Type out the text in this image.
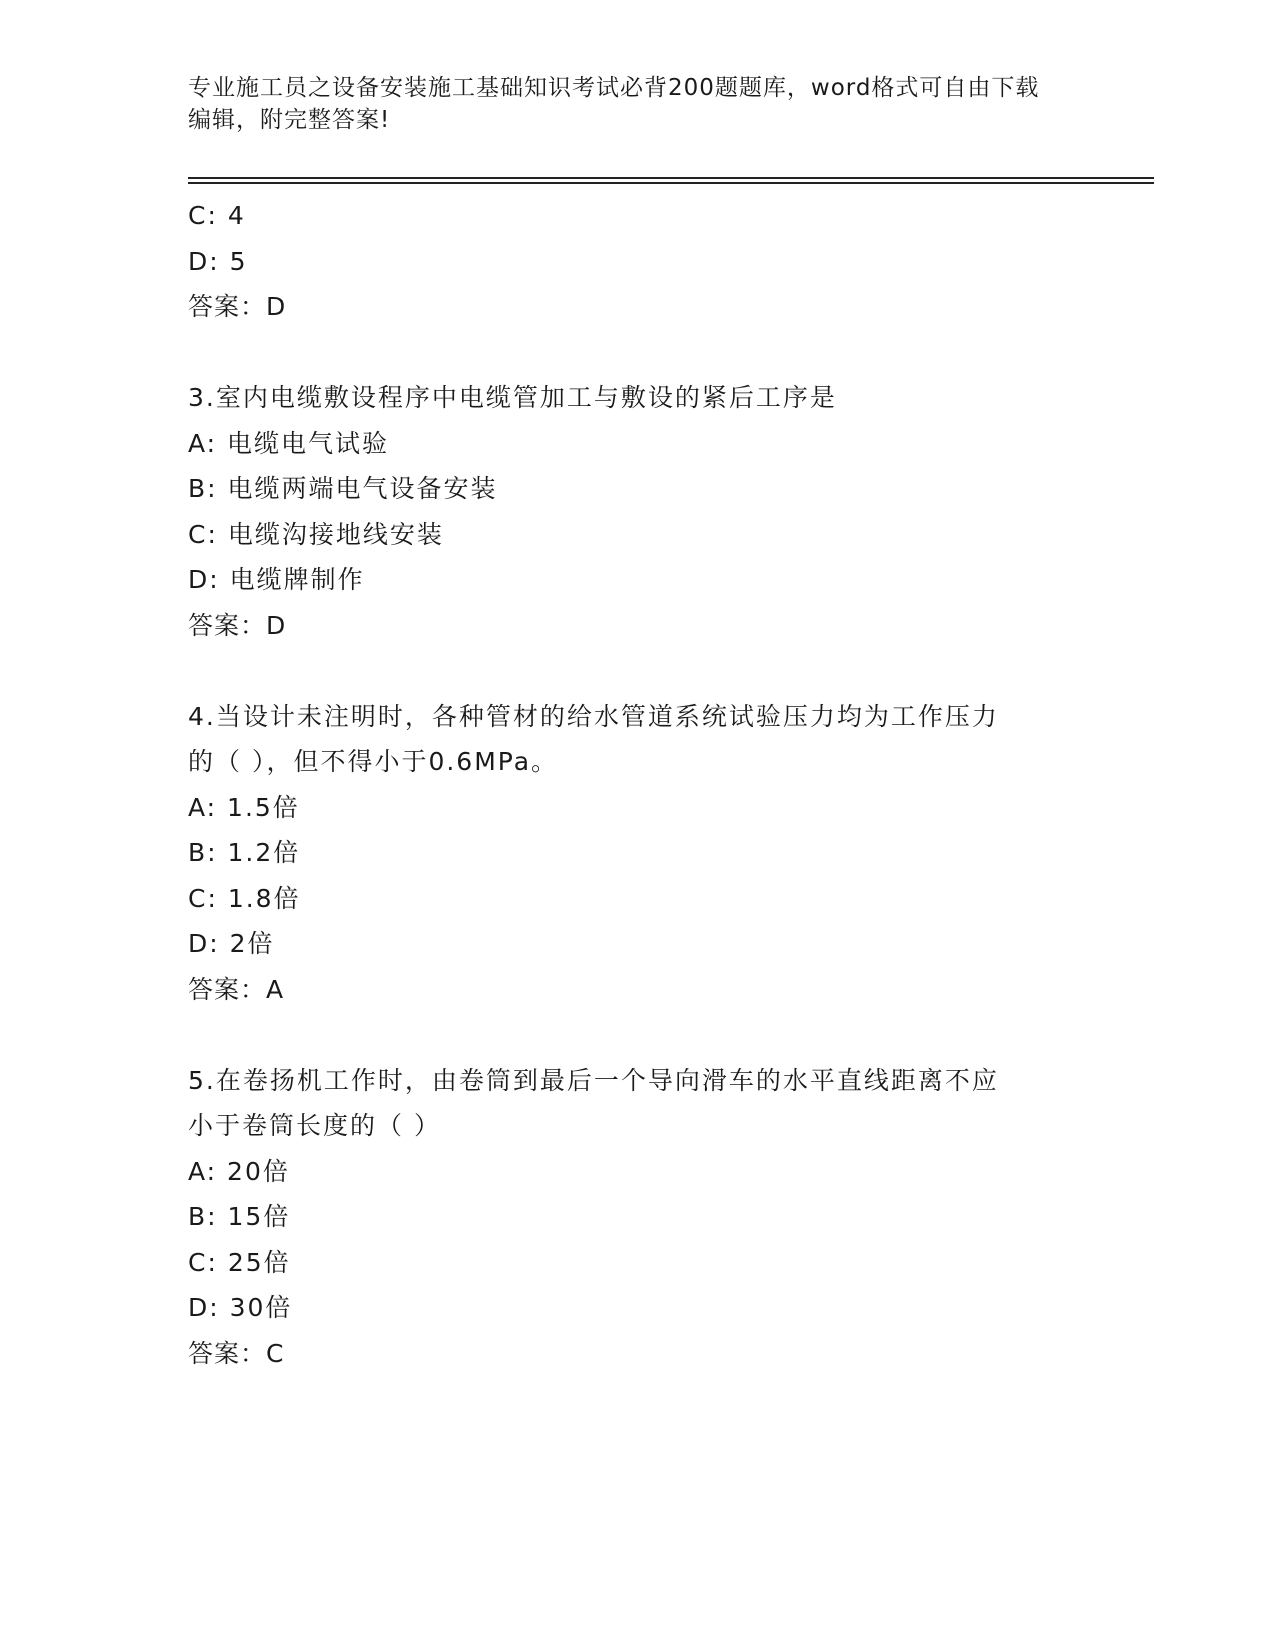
专业施工员之设备安装施工基础知识考试必背200题题库，word格式可自由下载
编辑，附完整答案!
C: 4
D: 5
答案：D
3.室内电缆敷设程序中电缆管加工与敷设的紧后工序是
A: 电缆电气试验
B: 电缆两端电气设备安装
C: 电缆沟接地线安装
D: 电缆牌制作
答案：D
4.当设计未注明时，各种管材的给水管道系统试验压力均为工作压力
的（ ），但不得小于0.6MPa。
A: 1.5倍
B: 1.2倍
C: 1.8倍
D: 2倍
答案：A
5.在卷扬机工作时，由卷筒到最后一个导向滑车的水平直线距离不应
小于卷筒长度的（ ）
A: 20倍
B: 15倍
C: 25倍
D: 30倍
答案：C
